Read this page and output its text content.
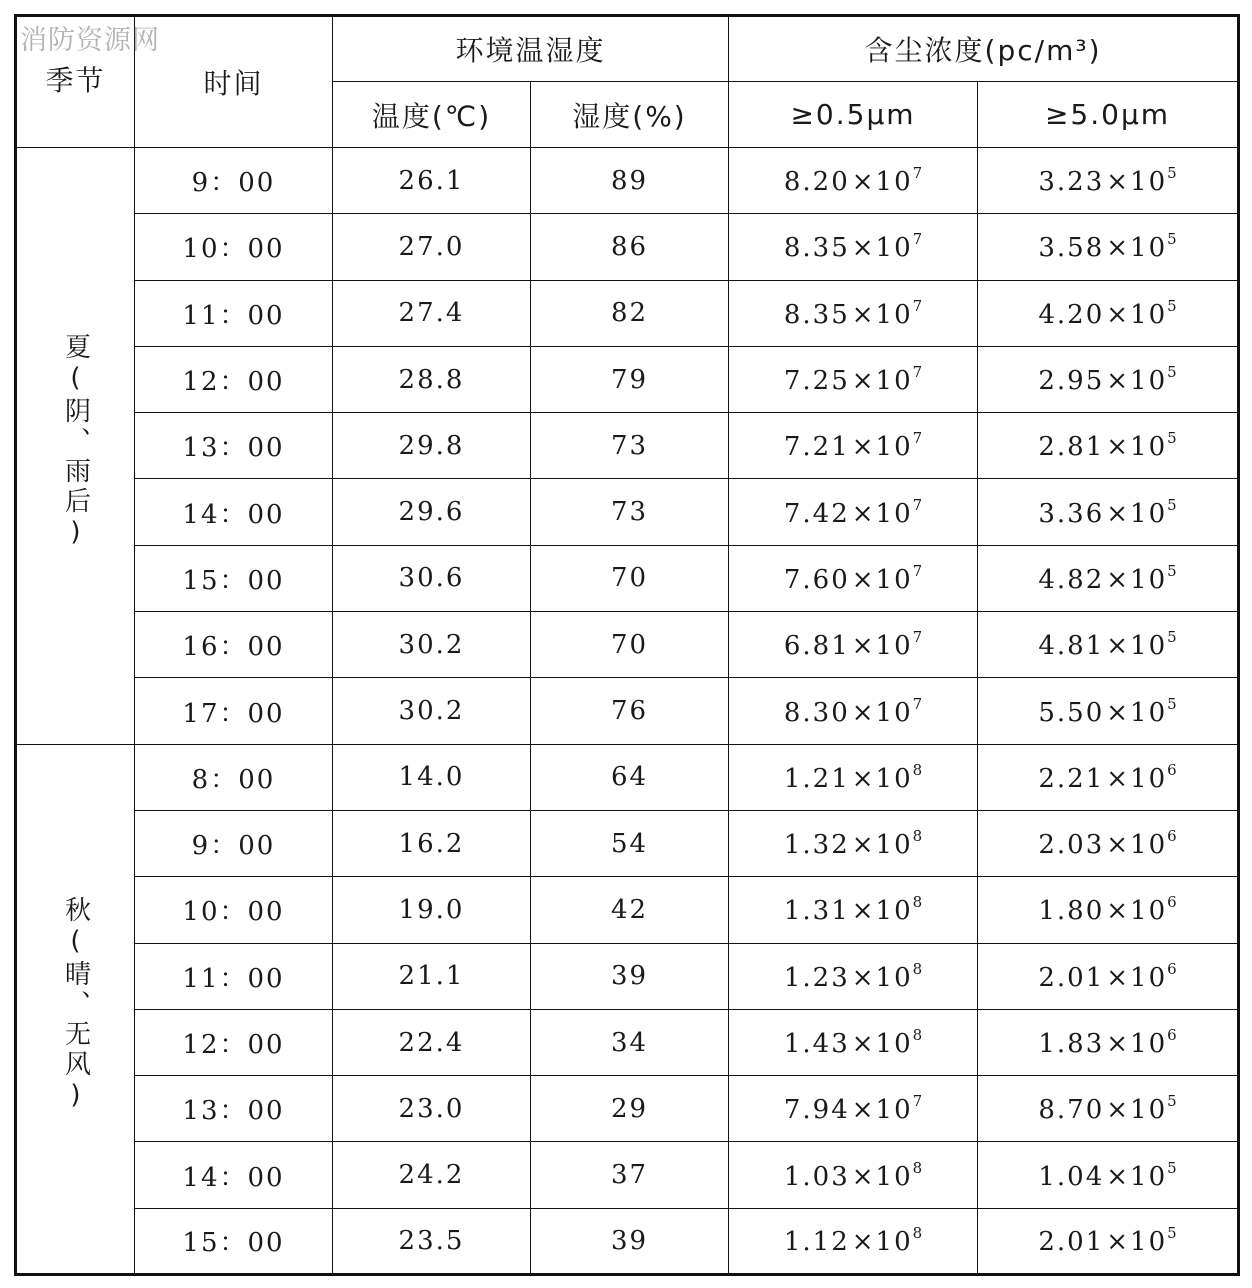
消防资源网
季节	时间	环境温湿度		含尘浓度(pc/m³)	
		温度(℃)	湿度(%)	≥0.5μm	≥5.0μm
夏(阴、雨后)	9：00	26.1	89	$8.20\times 10^7$	$3.23\times 10^5$
	10：00	27.0	86	$8.35\times 10^7$	$3.58\times 10^5$
	11：00	27.4	82	$8.35\times 10^7$	$4.20\times 10^5$
	12：00	28.8	79	$7.25\times 10^7$	$2.95\times 10^5$
	13：00	29.8	73	$7.21\times 10^7$	$2.81\times 10^5$
	14：00	29.6	73	$7.42\times 10^7$	$3.36\times 10^5$
	15：00	30.6	70	$7.60\times 10^7$	$4.82\times 10^5$
	16：00	30.2	70	$6.81\times 10^7$	$4.81\times 10^5$
	17：00	30.2	76	$8.30\times 10^7$	$5.50\times 10^5$
秋(晴、无风)	8：00	14.0	64	$1.21\times 10^8$	$2.21\times 10^6$
	9：00	16.2	54	$1.32\times 10^8$	$2.03\times 10^6$
	10：00	19.0	42	$1.31\times 10^8$	$1.80\times 10^6$
	11：00	21.1	39	$1.23\times 10^8$	$2.01\times 10^6$
	12：00	22.4	34	$1.43\times 10^8$	$1.83\times 10^6$
	13：00	23.0	29	$7.94\times 10^7$	$8.70\times 10^5$
	14：00	24.2	37	$1.03\times 10^8$	$1.04\times 10^5$
	15：00	23.5	39	$1.12\times 10^8$	$2.01\times 10^5$
